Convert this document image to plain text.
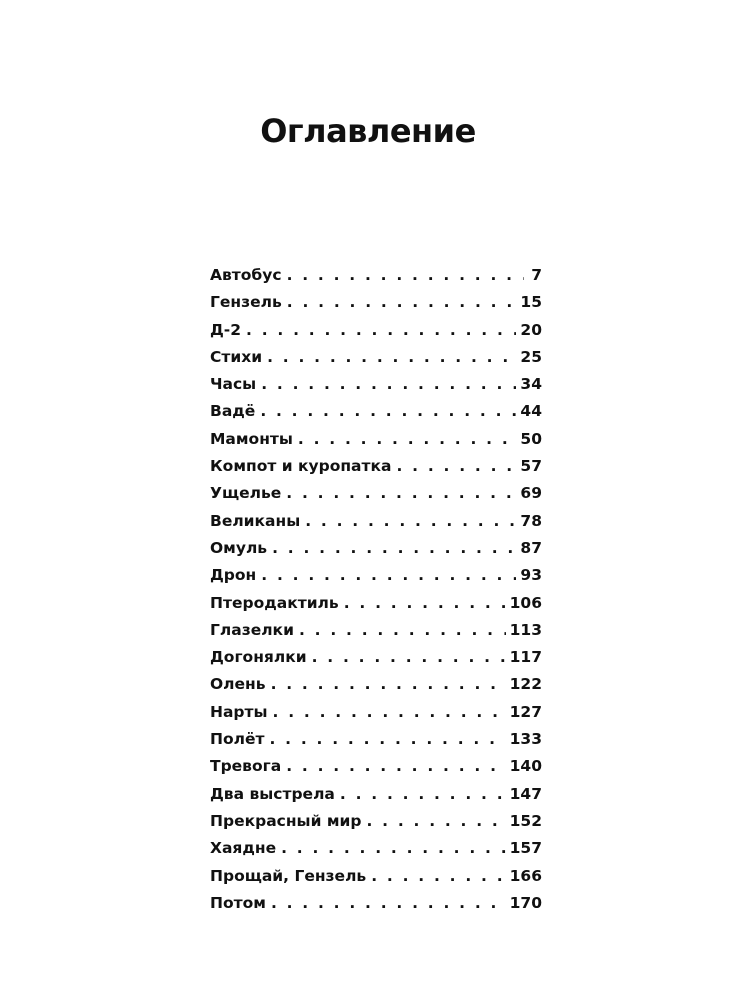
Оглавление
Автобус . . .	7
Гензель . . .	15
Д-2 . . .	20
Стихи . . .	25
Часы . . .	34
Вадё . . .	44
Мамонты . . .	50
Компот и куропатка . . .	57
Ущелье . . .	69
Великаны . . .	78
Омуль . . .	87
Дрон . . .	93
Птеродактиль . . .	106
Глазелки . . .	113
Догонялки . . .	117
Олень . . .	122
Нарты . . .	127
Полёт . . .	133
Тревога . . .	140
Два выстрела . . .	147
Прекрасный мир . . .	152
Хаядне . . .	157
Прощай, Гензель . . .	166
Потом . . .	170
